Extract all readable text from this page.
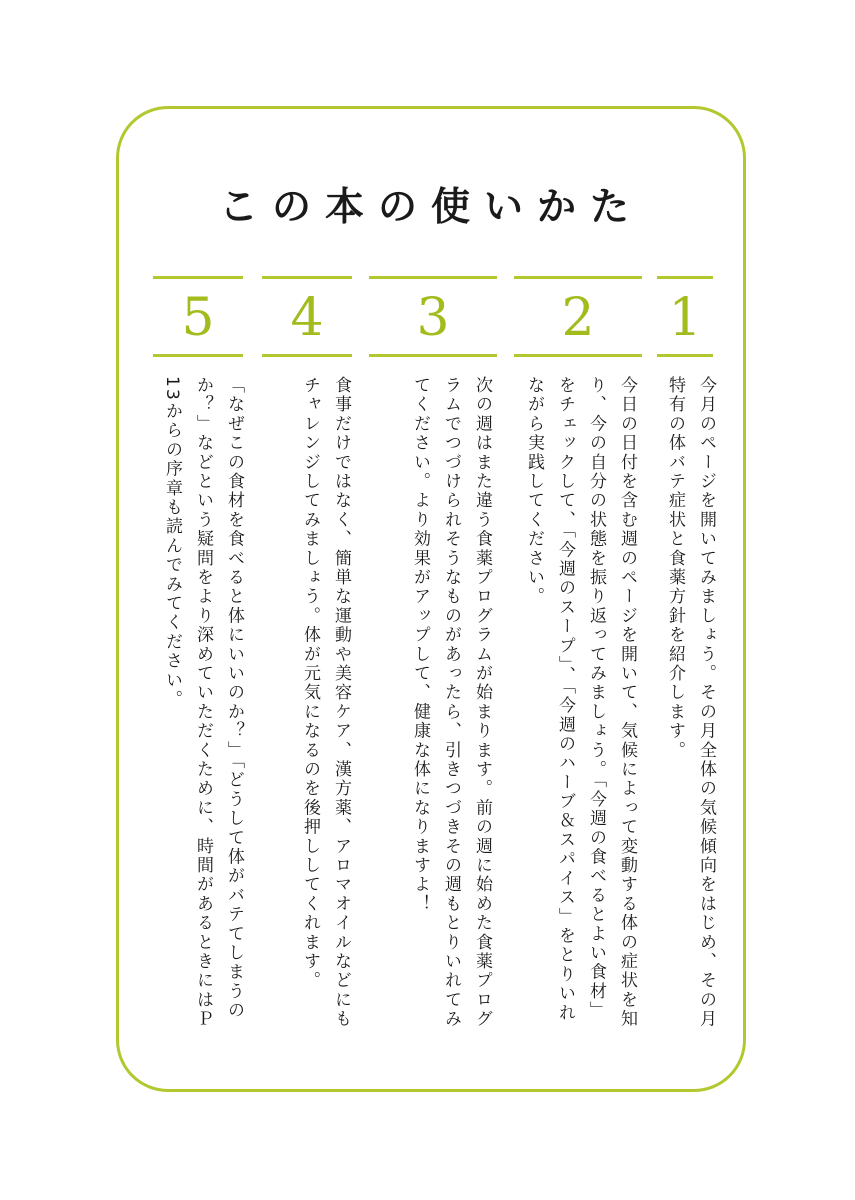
この本の使いかた
1
今月のページを開いてみましょう。その月全体の気候傾向をはじめ、その月特有の体バテ症状と食薬方針を紹介します。
2
今日の日付を含む週のページを開いて、気候によって変動する体の症状を知り、今の自分の状態を振り返ってみましょう。「今週の食べるとよい食材」をチェックして、「今週のスープ」、「今週のハーブ＆スパイス」をとりいれながら実践してください。
3
次の週はまた違う食薬プログラムが始まります。前の週に始めた食薬プログラムでつづけられそうなものがあったら、引きつづきその週もとりいれてみてください。より効果がアップして、健康な体になりますよ！
4
食事だけではなく、簡単な運動や美容ケア、漢方薬、アロマオイルなどにもチャレンジしてみましょう。体が元気になるのを後押ししてくれます。
5
「なぜこの食材を食べると体にいいのか？」「どうして体がバテてしまうのか？」などという疑問をより深めていただくために、時間があるときにはＰ13からの序章も読んでみてください。
